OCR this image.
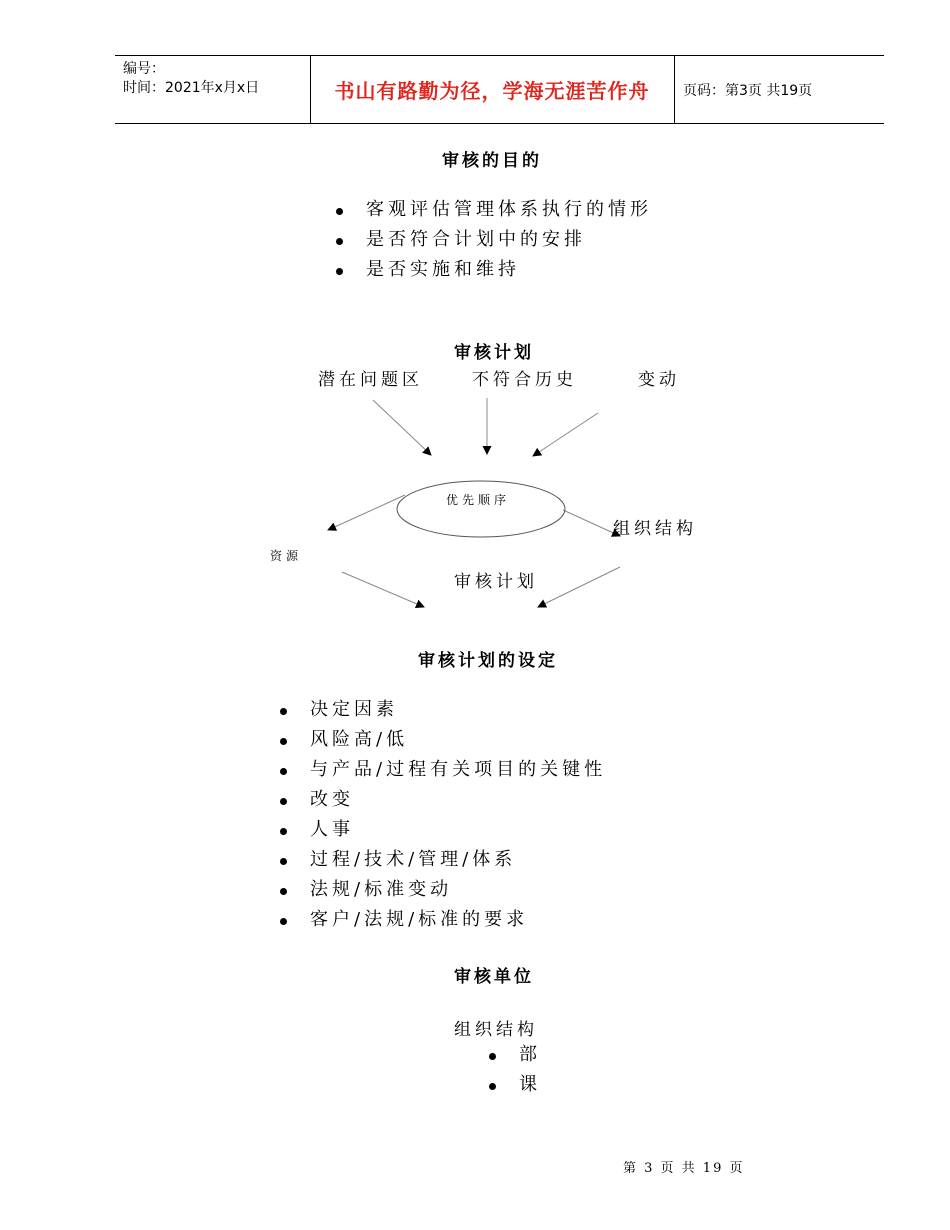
编号：
时间：2021年x月x日	书山有路勤为径，学海无涯苦作舟	页码：第3页 共19页
审核的目的
客观评估管理体系执行的情形
是否符合计划中的安排
是否实施和维持
审核计划
潜在问题区	不符合历史	变动
优先顺序
资源
组织结构
审核计划
审核计划的设定
决定因素
风险高/低
与产品/过程有关项目的关键性
改变
人事
过程/技术/管理/体系
法规/标准变动
客户/法规/标准的要求
审核单位
组织结构
部
课
第 3 页 共 19 页
